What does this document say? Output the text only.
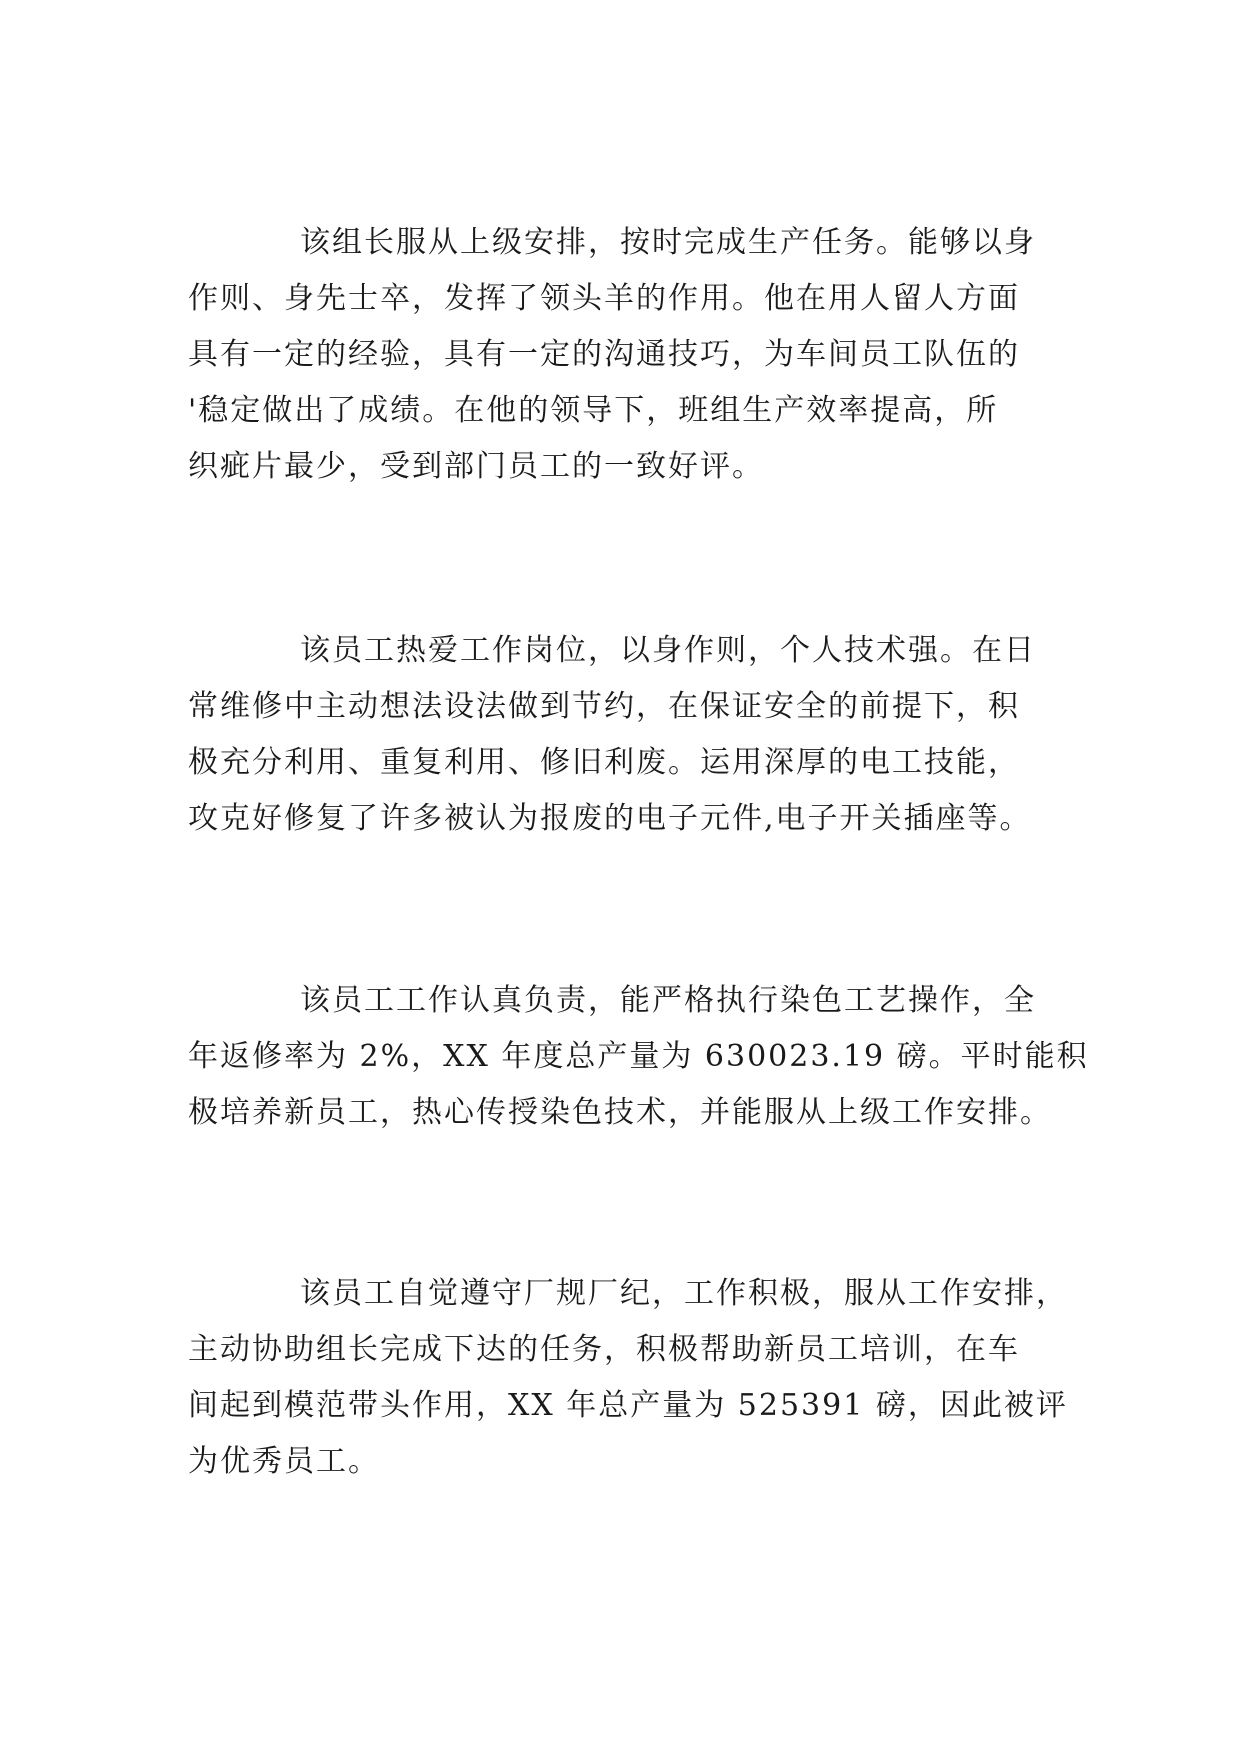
该组长服从上级安排，按时完成生产任务。能够以身
作则、身先士卒，发挥了领头羊的作用。他在用人留人方面
具有一定的经验，具有一定的沟通技巧，为车间员工队伍的
'稳定做出了成绩。在他的领导下，班组生产效率提高，所
织疵片最少，受到部门员工的一致好评。

该员工热爱工作岗位，以身作则，个人技术强。在日
常维修中主动想法设法做到节约，在保证安全的前提下，积
极充分利用、重复利用、修旧利废。运用深厚的电工技能，
攻克好修复了许多被认为报废的电子元件,电子开关插座等。

该员工工作认真负责，能严格执行染色工艺操作，全
年返修率为 2%，XX 年度总产量为 630023.19 磅。平时能积
极培养新员工，热心传授染色技术，并能服从上级工作安排。

该员工自觉遵守厂规厂纪，工作积极，服从工作安排，
主动协助组长完成下达的任务，积极帮助新员工培训，在车
间起到模范带头作用，XX 年总产量为 525391 磅，因此被评
为优秀员工。
